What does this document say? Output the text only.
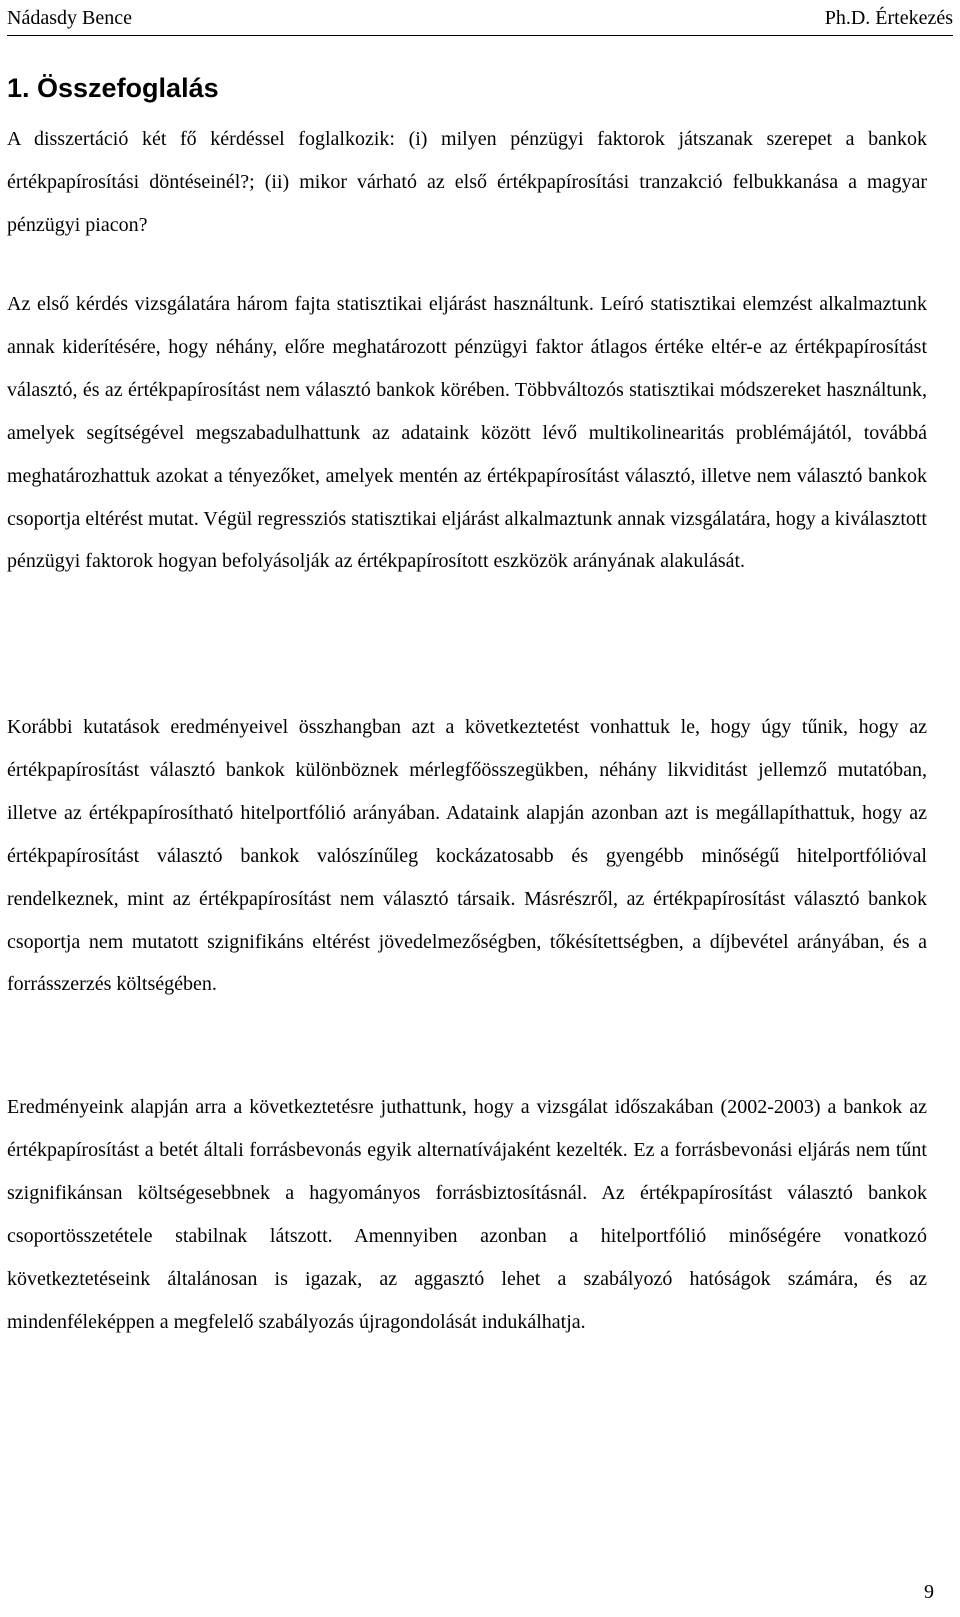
Nádasdy Bence	Ph.D. Értekezés
1. Összefoglalás

A disszertáció két fő kérdéssel foglalkozik: (i) milyen pénzügyi faktorok játszanak szerepet a bankok értékpapírosítási döntéseinél?; (ii) mikor várható az első értékpapírosítási tranzakció felbukkanása a magyar pénzügyi piacon?

Az első kérdés vizsgálatára három fajta statisztikai eljárást használtunk. Leíró statisztikai elemzést alkalmaztunk annak kiderítésére, hogy néhány, előre meghatározott pénzügyi faktor átlagos értéke eltér-e az értékpapírosítást választó, és az értékpapírosítást nem választó bankok körében. Többváltozós statisztikai módszereket használtunk, amelyek segítségével megszabadulhattunk az adataink között lévő multikolinearitás problémájától, továbbá meghatározhattuk azokat a tényezőket, amelyek mentén az értékpapírosítást választó, illetve nem választó bankok csoportja eltérést mutat. Végül regressziós statisztikai eljárást alkalmaztunk annak vizsgálatára, hogy a kiválasztott pénzügyi faktorok hogyan befolyásolják az értékpapírosított eszközök arányának alakulását.

Korábbi kutatások eredményeivel összhangban azt a következtetést vonhattuk le, hogy úgy tűnik, hogy az értékpapírosítást választó bankok különböznek mérlegfőösszegükben, néhány likviditást jellemző mutatóban, illetve az értékpapírosítható hitelportfólió arányában. Adataink alapján azonban azt is megállapíthattuk, hogy az értékpapírosítást választó bankok valószínűleg kockázatosabb és gyengébb minőségű hitelportfólióval rendelkeznek, mint az értékpapírosítást nem választó társaik. Másrészről, az értékpapírosítást választó bankok csoportja nem mutatott szignifikáns eltérést jövedelmezőségben, tőkésítettségben, a díjbevétel arányában, és a forrásszerzés költségében.

Eredményeink alapján arra a következtetésre juthattunk, hogy a vizsgálat időszakában (2002-2003) a bankok az értékpapírosítást a betét általi forrásbevonás egyik alternatívájaként kezelték. Ez a forrásbevonási eljárás nem tűnt szignifikánsan költségesebbnek a hagyományos forrásbiztosításnál. Az értékpapírosítást választó bankok csoportösszetétele stabilnak látszott. Amennyiben azonban a hitelportfólió minőségére vonatkozó következtetéseink általánosan is igazak, az aggasztó lehet a szabályozó hatóságok számára, és az mindenféleképpen a megfelelő szabályozás újragondolását indukálhatja.

9
